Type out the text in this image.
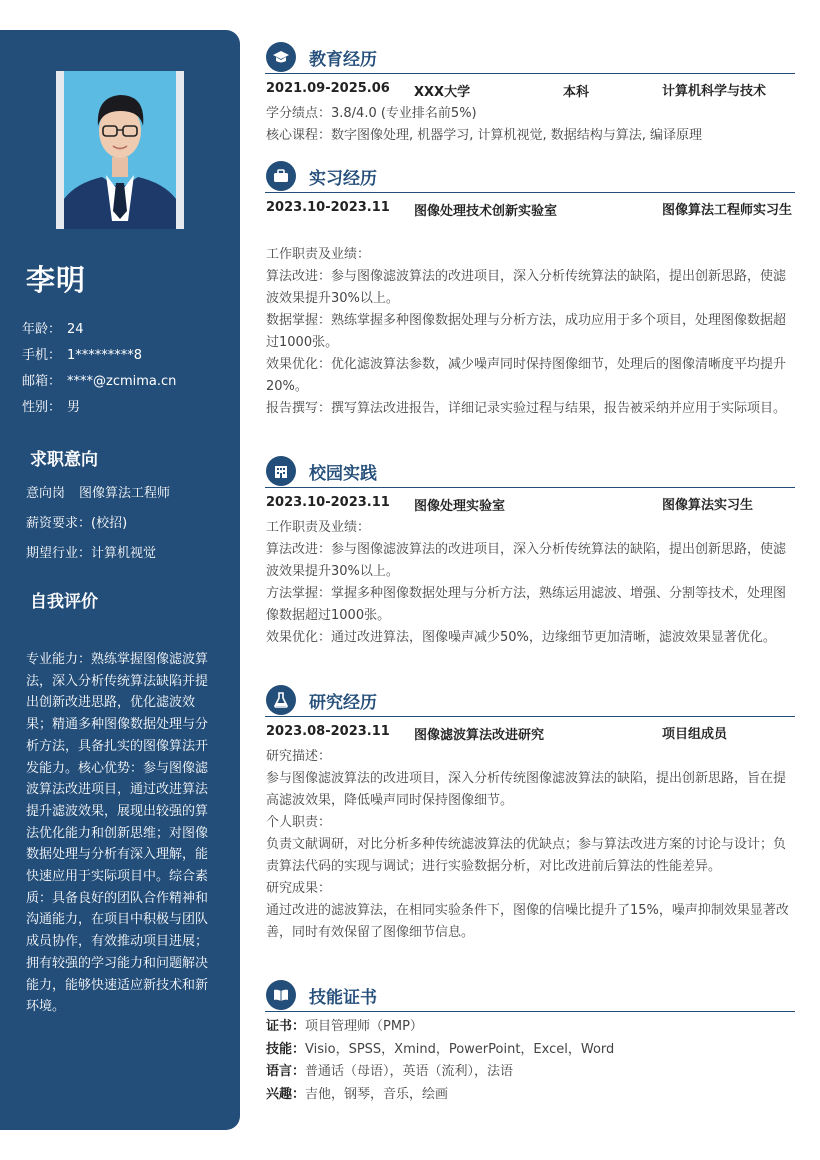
李明
年龄： 24
手机： 1*********8
邮箱： ****@zcmima.cn
性别： 男
求职意向
意向岗 图像算法工程师
薪资要求：(校招)
期望行业：计算机视觉
自我评价
专业能力：熟练掌握图像滤波算法，深入分析传统算法缺陷并提出创新改进思路，优化滤波效果；精通多种图像数据处理与分析方法，具备扎实的图像算法开发能力。核心优势：参与图像滤波算法改进项目，通过改进算法提升滤波效果，展现出较强的算法优化能力和创新思维；对图像数据处理与分析有深入理解，能快速应用于实际项目中。综合素质：具备良好的团队合作精神和沟通能力，在项目中积极与团队成员协作，有效推动项目进展；拥有较强的学习能力和问题解决能力，能够快速适应新技术和新环境。
教育经历
2021.09-2025.06 XXX大学	本科	计算机科学与技术
学分绩点：3.8/4.0 (专业排名前5%)
核心课程：数字图像处理, 机器学习, 计算机视觉, 数据结构与算法, 编译原理
实习经历
2023.10-2023.11 图像处理技术创新实验室	图像算法工程师实习生
工作职责及业绩：
算法改进：参与图像滤波算法的改进项目，深入分析传统算法的缺陷，提出创新思路，使滤波效果提升30%以上。
数据掌握：熟练掌握多种图像数据处理与分析方法，成功应用于多个项目，处理图像数据超过1000张。
效果优化：优化滤波算法参数，减少噪声同时保持图像细节，处理后的图像清晰度平均提升20%。
报告撰写：撰写算法改进报告，详细记录实验过程与结果，报告被采纳并应用于实际项目。
校园实践
2023.10-2023.11 图像处理实验室	图像算法实习生
工作职责及业绩：
算法改进：参与图像滤波算法的改进项目，深入分析传统算法的缺陷，提出创新思路，使滤波效果提升30%以上。
方法掌握：掌握多种图像数据处理与分析方法，熟练运用滤波、增强、分割等技术，处理图像数据超过1000张。
效果优化：通过改进算法，图像噪声减少50%，边缘细节更加清晰，滤波效果显著优化。
研究经历
2023.08-2023.11 图像滤波算法改进研究	项目组成员
研究描述：
参与图像滤波算法的改进项目，深入分析传统图像滤波算法的缺陷，提出创新思路，旨在提高滤波效果，降低噪声同时保持图像细节。
个人职责：
负责文献调研，对比分析多种传统滤波算法的优缺点；参与算法改进方案的讨论与设计；负责算法代码的实现与调试；进行实验数据分析，对比改进前后算法的性能差异。
研究成果：
通过改进的滤波算法，在相同实验条件下，图像的信噪比提升了15%，噪声抑制效果显著改善，同时有效保留了图像细节信息。
技能证书
证书：项目管理师（PMP）
技能：Visio，SPSS，Xmind，PowerPoint，Excel，Word
语言：普通话（母语），英语（流利），法语
兴趣：吉他，钢琴，音乐，绘画
